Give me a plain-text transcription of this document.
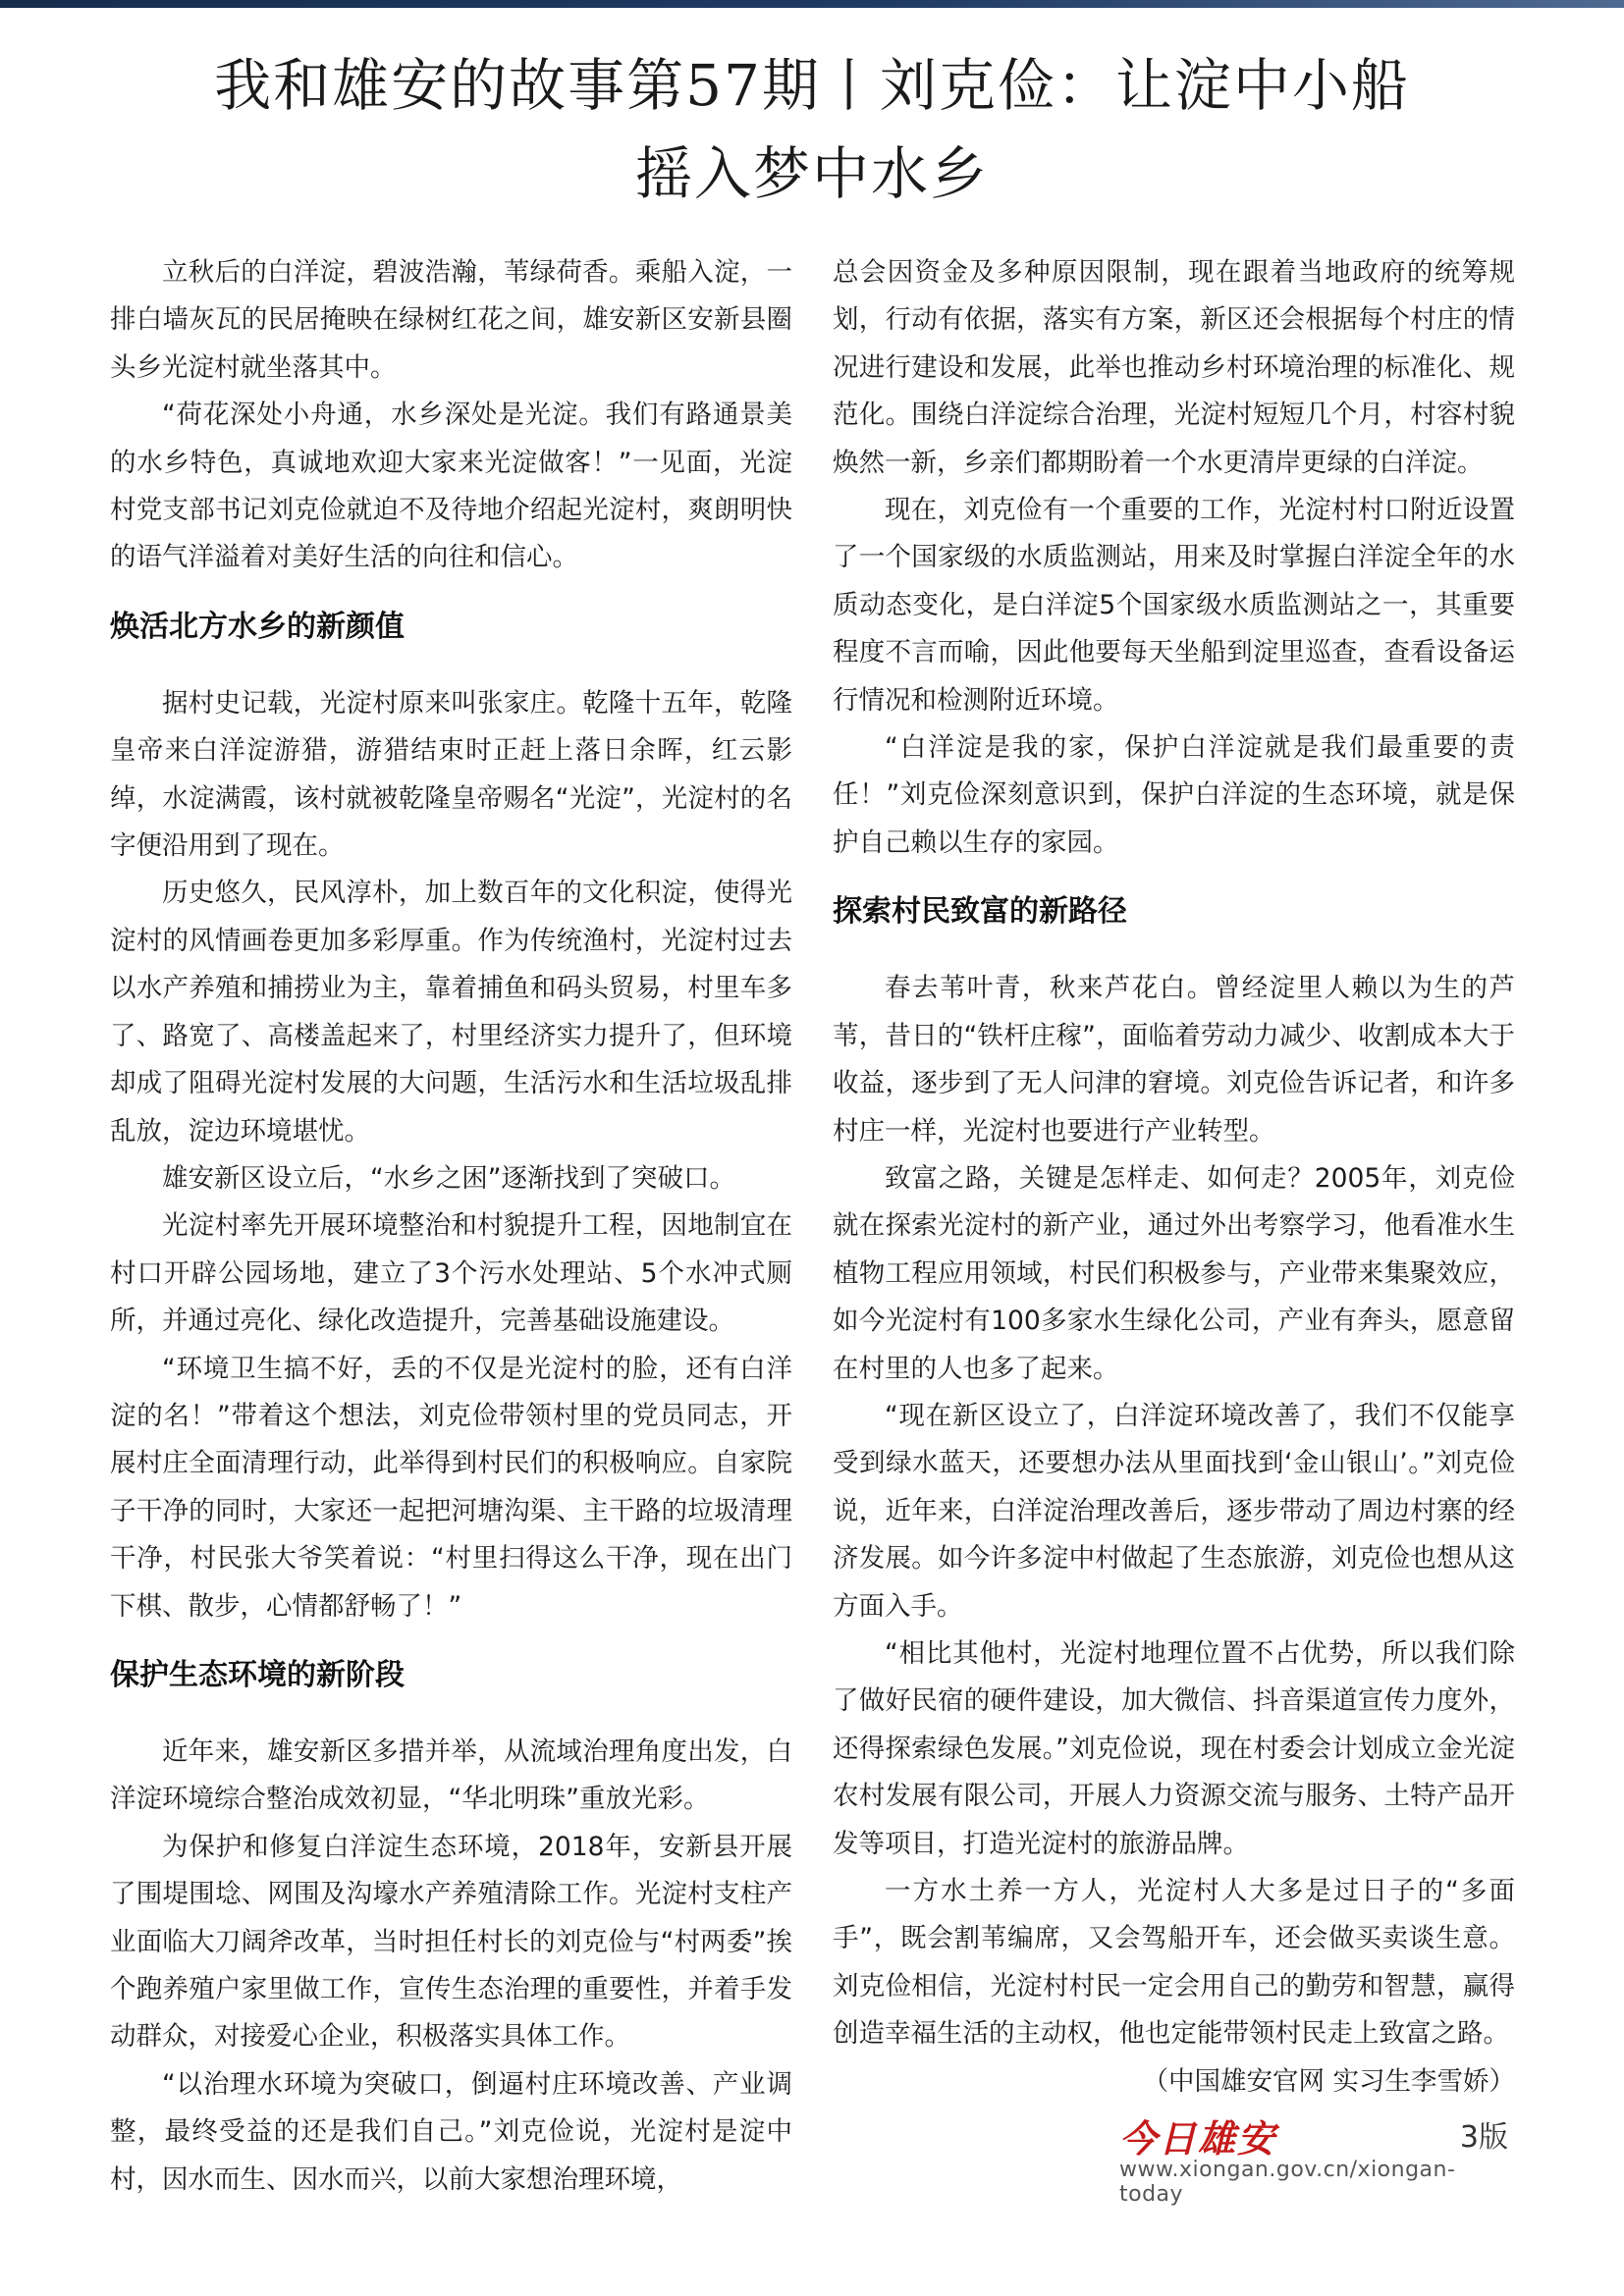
我和雄安的故事第57期丨刘克俭：让淀中小船
摇入梦中水乡

立秋后的白洋淀，碧波浩瀚，苇绿荷香。乘船入淀，一排白墙灰瓦的民居掩映在绿树红花之间，雄安新区安新县圈头乡光淀村就坐落其中。

“荷花深处小舟通，水乡深处是光淀。我们有路通景美的水乡特色，真诚地欢迎大家来光淀做客！”一见面，光淀村党支部书记刘克俭就迫不及待地介绍起光淀村，爽朗明快的语气洋溢着对美好生活的向往和信心。

焕活北方水乡的新颜值

据村史记载，光淀村原来叫张家庄。乾隆十五年，乾隆皇帝来白洋淀游猎，游猎结束时正赶上落日余晖，红云影绰，水淀满霞，该村就被乾隆皇帝赐名“光淀”，光淀村的名字便沿用到了现在。

历史悠久，民风淳朴，加上数百年的文化积淀，使得光淀村的风情画卷更加多彩厚重。作为传统渔村，光淀村过去以水产养殖和捕捞业为主，靠着捕鱼和码头贸易，村里车多了、路宽了、高楼盖起来了，村里经济实力提升了，但环境却成了阻碍光淀村发展的大问题，生活污水和生活垃圾乱排乱放，淀边环境堪忧。

雄安新区设立后，“水乡之困”逐渐找到了突破口。

光淀村率先开展环境整治和村貌提升工程，因地制宜在村口开辟公园场地，建立了3个污水处理站、5个水冲式厕所，并通过亮化、绿化改造提升，完善基础设施建设。

“环境卫生搞不好，丢的不仅是光淀村的脸，还有白洋淀的名！”带着这个想法，刘克俭带领村里的党员同志，开展村庄全面清理行动，此举得到村民们的积极响应。自家院子干净的同时，大家还一起把河塘沟渠、主干路的垃圾清理干净，村民张大爷笑着说：“村里扫得这么干净，现在出门下棋、散步，心情都舒畅了！”

保护生态环境的新阶段

近年来，雄安新区多措并举，从流域治理角度出发，白洋淀环境综合整治成效初显，“华北明珠”重放光彩。

为保护和修复白洋淀生态环境，2018年，安新县开展了围堤围埝、网围及沟壕水产养殖清除工作。光淀村支柱产业面临大刀阔斧改革，当时担任村长的刘克俭与“村两委”挨个跑养殖户家里做工作，宣传生态治理的重要性，并着手发动群众，对接爱心企业，积极落实具体工作。

“以治理水环境为突破口，倒逼村庄环境改善、产业调整，最终受益的还是我们自己。”刘克俭说，光淀村是淀中村，因水而生、因水而兴，以前大家想治理环境，

总会因资金及多种原因限制，现在跟着当地政府的统筹规划，行动有依据，落实有方案，新区还会根据每个村庄的情况进行建设和发展，此举也推动乡村环境治理的标准化、规范化。围绕白洋淀综合治理，光淀村短短几个月，村容村貌焕然一新，乡亲们都期盼着一个水更清岸更绿的白洋淀。

现在，刘克俭有一个重要的工作，光淀村村口附近设置了一个国家级的水质监测站，用来及时掌握白洋淀全年的水质动态变化，是白洋淀5个国家级水质监测站之一，其重要程度不言而喻，因此他要每天坐船到淀里巡查，查看设备运行情况和检测附近环境。

“白洋淀是我的家，保护白洋淀就是我们最重要的责任！”刘克俭深刻意识到，保护白洋淀的生态环境，就是保护自己赖以生存的家园。

探索村民致富的新路径

春去苇叶青，秋来芦花白。曾经淀里人赖以为生的芦苇，昔日的“铁杆庄稼”，面临着劳动力减少、收割成本大于收益，逐步到了无人问津的窘境。刘克俭告诉记者，和许多村庄一样，光淀村也要进行产业转型。

致富之路，关键是怎样走、如何走？2005年，刘克俭就在探索光淀村的新产业，通过外出考察学习，他看准水生植物工程应用领域，村民们积极参与，产业带来集聚效应，如今光淀村有100多家水生绿化公司，产业有奔头，愿意留在村里的人也多了起来。

“现在新区设立了，白洋淀环境改善了，我们不仅能享受到绿水蓝天，还要想办法从里面找到‘金山银山’。”刘克俭说，近年来，白洋淀治理改善后，逐步带动了周边村寨的经济发展。如今许多淀中村做起了生态旅游，刘克俭也想从这方面入手。

“相比其他村，光淀村地理位置不占优势，所以我们除了做好民宿的硬件建设，加大微信、抖音渠道宣传力度外，还得探索绿色发展。”刘克俭说，现在村委会计划成立金光淀农村发展有限公司，开展人力资源交流与服务、土特产品开发等项目，打造光淀村的旅游品牌。

一方水土养一方人，光淀村人大多是过日子的“多面手”，既会割苇编席，又会驾船开车，还会做买卖谈生意。刘克俭相信，光淀村村民一定会用自己的勤劳和智慧，赢得创造幸福生活的主动权，他也定能带领村民走上致富之路。
（中国雄安官网 实习生李雪娇）

今日雄安	3版
www.xiongan.gov.cn/xiongan-today
